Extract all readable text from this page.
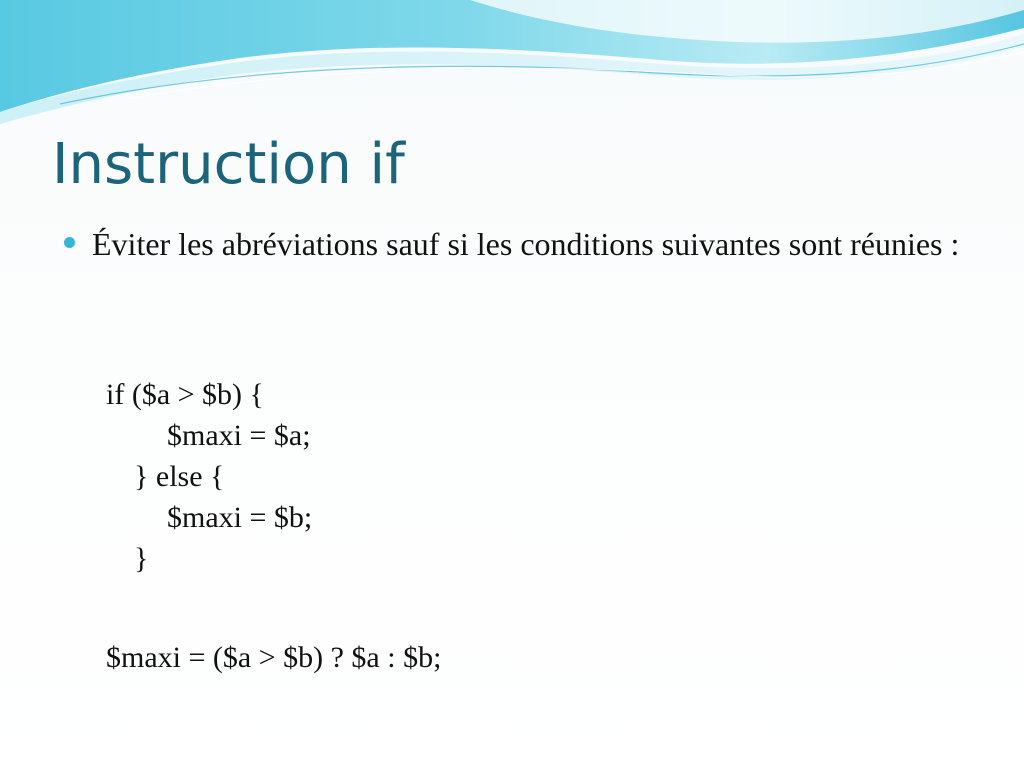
Instruction if

Éviter les abréviations sauf si les conditions suivantes sont réunies :

if ($a > $b) {
$maxi = $a;
} else {
$maxi = $b;
}
$maxi = ($a > $b) ? $a : $b;
